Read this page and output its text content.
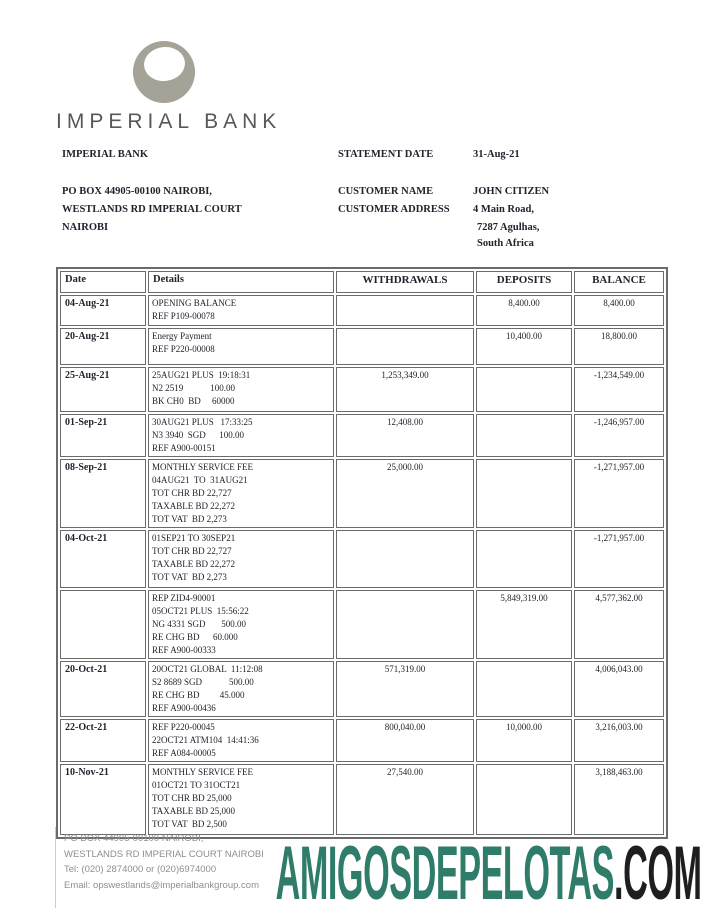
IMPERIAL BANK
IMPERIAL BANK	STATEMENT DATE	31-Aug-21
PO BOX 44905-00100 NAIROBI,	CUSTOMER NAME	JOHN CITIZEN
WESTLANDS RD IMPERIAL COURT	CUSTOMER ADDRESS 4 Main Road,
NAIROBI	7287 Agulhas,
South Africa
Date	Details	WITHDRAWALS	DEPOSITS	BALANCE
04-Aug-21	OPENING BALANCE
REF P109-00078		8,400.00	8,400.00
20-Aug-21	Energy Payment
REF P220-00008		10,400.00	18,800.00
25-Aug-21	25AUG21 PLUS  19:18:31
N2 2519            100.00
BK CH0  BD     60000	1,253,349.00		-1,234,549.00
01-Sep-21	30AUG21 PLUS   17:33:25
N3 3940  SGD      100.00
REF A900-00151	12,408.00		-1,246,957.00
08-Sep-21	MONTHLY SERVICE FEE
04AUG21  TO  31AUG21
TOT CHR BD 22,727
TAXABLE BD 22,272
TOT VAT  BD 2,273	25,000.00		-1,271,957.00
04-Oct-21	01SEP21 TO 30SEP21
TOT CHR BD 22,727
TAXABLE BD 22,272
TOT VAT  BD 2,273			-1,271,957.00
	REP ZID4-90001
05OCT21 PLUS  15:56:22
NG 4331 SGD       500.00
RE CHG BD      60.000
REF A900-00333		5,849,319.00	4,577,362.00
20-Oct-21	20OCT21 GLOBAL  11:12:08
S2 8689 SGD            500.00
RE CHG BD         45.000
REF A900-00436	571,319.00		4,006,043.00
22-Oct-21	REF P220-00045
22OCT21 ATM104  14:41:36
REF A084-00005	800,040.00	10,000.00	3,216,003.00
10-Nov-21	MONTHLY SERVICE FEE
01OCT21 TO 31OCT21
TOT CHR BD 25,000
TAXABLE BD 25,000
TOT VAT  BD 2,500	27,540.00		3,188,463.00
PO BOX 44905-00100 NAIROBI,
WESTLANDS RD IMPERIAL COURT NAIROBI
Tel: (020) 2874000 or (020)6974000
Email: opswestlands@imperialbankgroup.com AMIGOSDEPELOTAS.COM
